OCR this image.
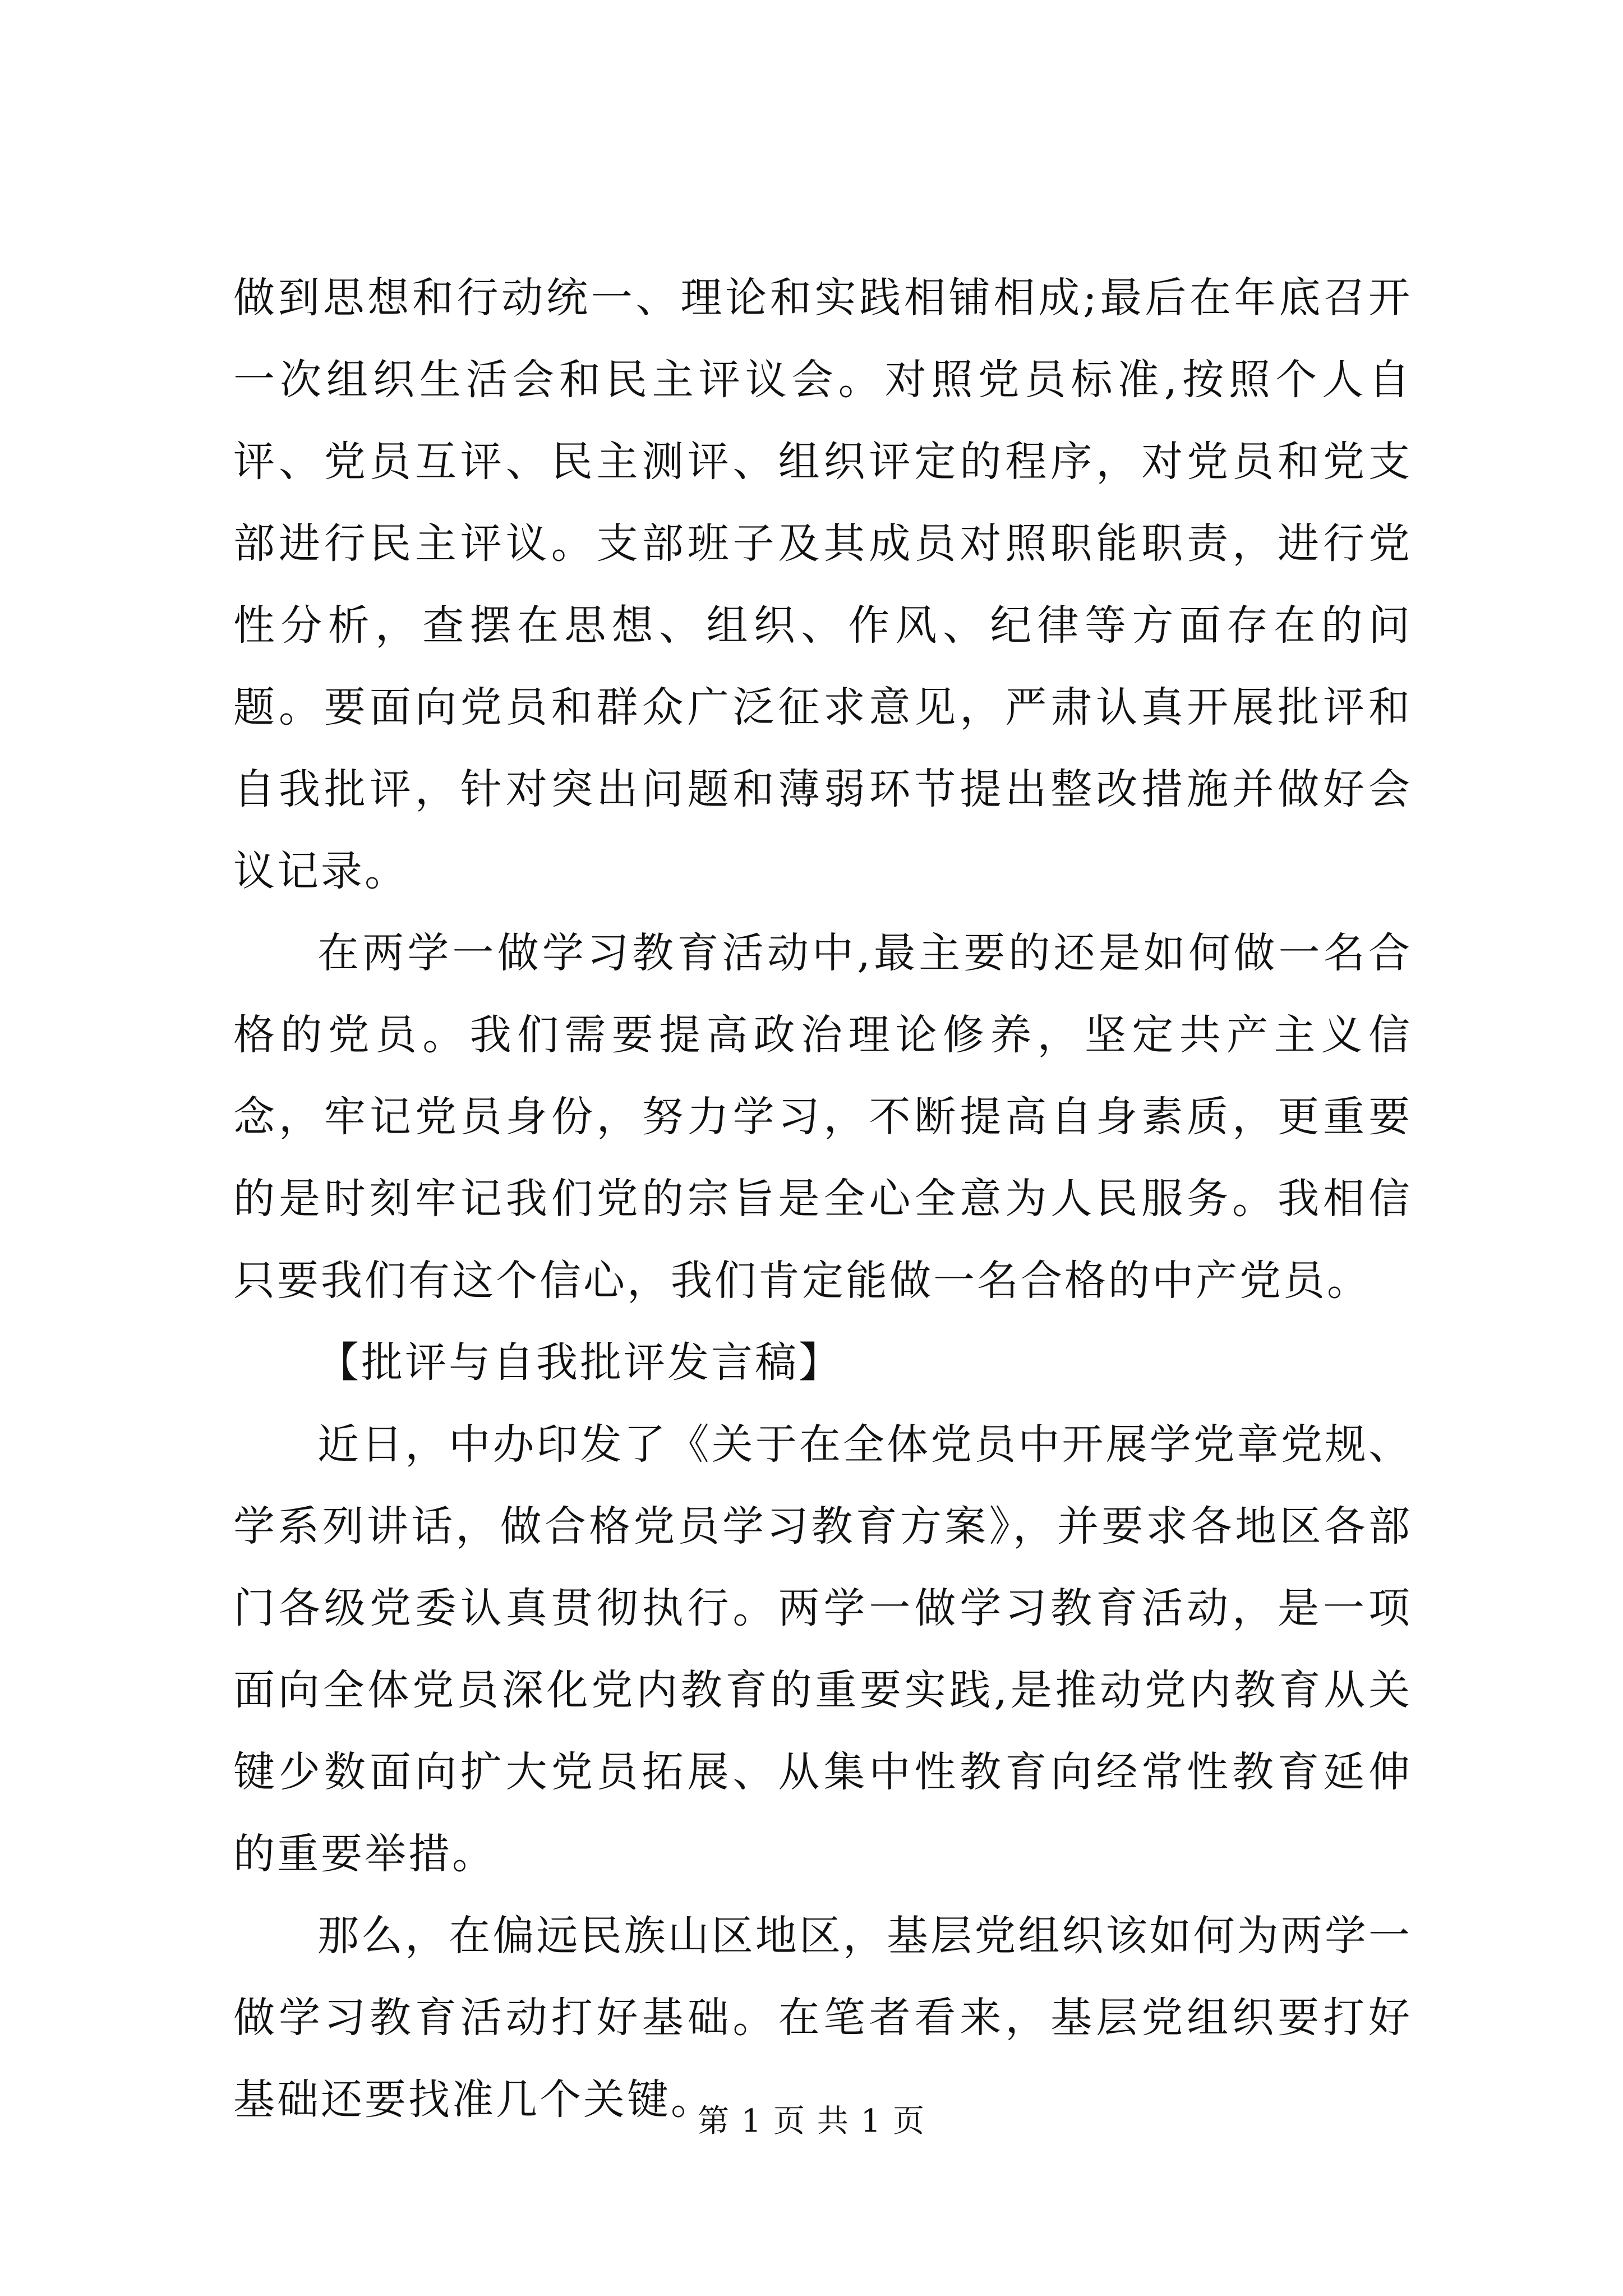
做到思想和行动统一、理论和实践相铺相成;最后在年底召开一次组织生活会和民主评议会。对照党员标准,按照个人自评、党员互评、民主测评、组织评定的程序，对党员和党支部进行民主评议。支部班子及其成员对照职能职责，进行党性分析，查摆在思想、组织、作风、纪律等方面存在的问题。要面向党员和群众广泛征求意见，严肃认真开展批评和自我批评，针对突出问题和薄弱环节提出整改措施并做好会议记录。

在两学一做学习教育活动中,最主要的还是如何做一名合格的党员。我们需要提高政治理论修养，坚定共产主义信念，牢记党员身份，努力学习，不断提高自身素质，更重要的是时刻牢记我们党的宗旨是全心全意为人民服务。我相信只要我们有这个信心，我们肯定能做一名合格的中产党员。

【批评与自我批评发言稿】

近日，中办印发了《关于在全体党员中开展学党章党规、学系列讲话，做合格党员学习教育方案》，并要求各地区各部门各级党委认真贯彻执行。两学一做学习教育活动，是一项面向全体党员深化党内教育的重要实践,是推动党内教育从关键少数面向扩大党员拓展、从集中性教育向经常性教育延伸的重要举措。

那么，在偏远民族山区地区，基层党组织该如何为两学一做学习教育活动打好基础。在笔者看来，基层党组织要打好基础还要找准几个关键。

第 1 页 共 1 页
